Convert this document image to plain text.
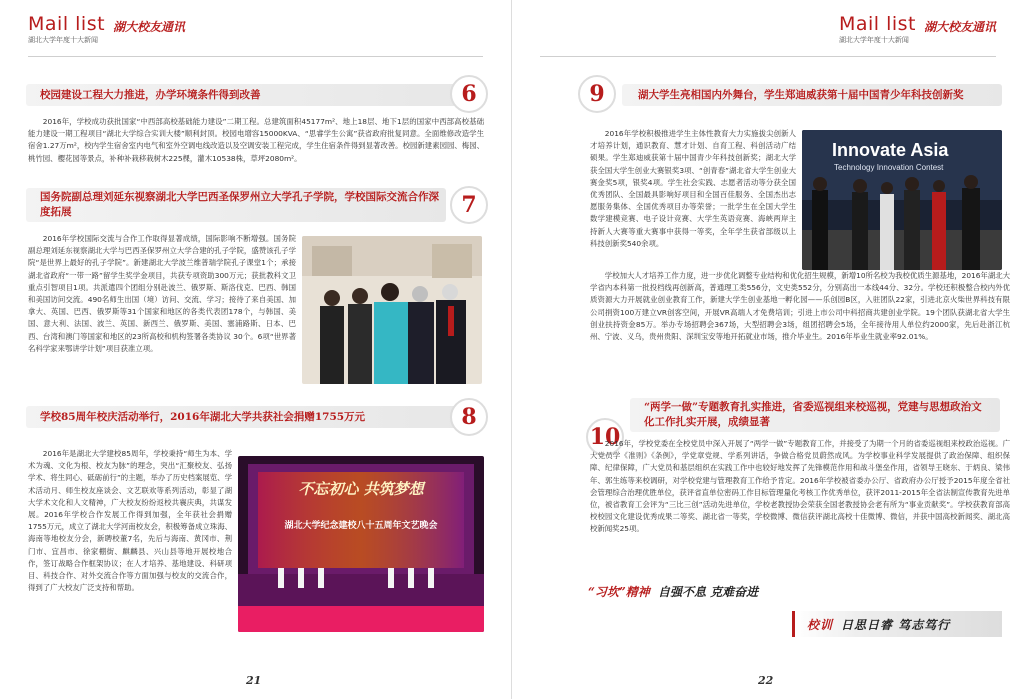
Mail list
湖北大学年度十大新闻
湖大校友通讯
校园建设工程大力推进，办学环境条件得到改善	6
2016年，学校成功获批国家“中西部高校基础能力建设”二期工程。总建筑面积45177m²、地上18层、地下1层的国家中西部高校基础能力建设一期工程项目“湖北大学综合实训大楼”顺利封顶。校园电增容15000KVA、“思睿学生公寓”获省政府批复同意。全面维修改造学生宿舍1.27万m²，校内学生宿舍室内电气和室外空调电线改造以及空调安装工程完成，学生住宿条件得到显著改善。校园新建素园园、梅园、桃竹园、樱花园等景点，补种补栽移栽树木225棵，灌木10538株，草坪2080m²。
国务院副总理刘延东视察湖北大学巴西圣保罗州立大学孔子学院，学校国际交流合作深度拓展	7
2016年学校国际交流与合作工作取得显著成绩，国际影响不断增强。国务院副总理刘延东视察湖北大学与巴西圣保罗州立大学合建的孔子学院，盛赞该孔子学院“是世界上最好的孔子学院”。新建湖北大学波兰维普瑞学院孔子课堂1个；承接湖北省政府“一带一路”留学生奖学金项目，共获专项资助300万元；获批教科文卫重点引智项目1项。共派遣四个团组分别赴波兰、俄罗斯、斯洛伐克、巴西、韩国和美国访问交流。490名师生出国（境）访问、交流、学习；接待了来自美国、加拿大、英国、巴西、俄罗斯等31个国家和地区的各类代表团178个，与韩国、美国、意大利、法国、波兰、英国、新西兰、俄罗斯、美国、塞浦路斯、日本、巴西、台湾和澳门等国家和地区的23所高校和机构签署各类协议 30个。6项“世界著名科学家来鄂讲学计划”项目获准立项。
学校85周年校庆活动举行，2016年湖北大学共获社会捐赠1755万元	8
2016年是湖北大学建校85周年，学校秉持“师生为本、学术为魂、文化为根、校友为脉”的理念，突出“汇聚校友、弘扬学术、将生同心、砥砺前行”的主题，举办了历史档案展览、学术活动月、师生校友座谈会、文艺联欢等系列活动，彰显了湖大学术文化和人文精神，广大校友纷纷返校共襄庆典，共谋发展。2016年学校合作发展工作得到加强，全年获社会捐赠1755万元，成立了湖北大学河南校友会，积极筹备成立珠海、海南等地校友分会，新聘校董7名，先后与海南、黄冈市、荆门市、宜昌市、徐家棚街、麒麟县、兴山县等地开展校地合作，签订战略合作框架协议；在人才培养、基地建设、科研项目、科技合作、对外交流合作等方面加强与校友的交流合作，得到了广大校友广泛支持和帮助。
不忘初心 共筑梦想
湖北大学纪念建校八十五周年文艺晚会
21
Mail list
湖北大学年度十大新闻
湖大校友通讯
9	湖大学生亮相国内外舞台，学生郑迪威获第十届中国青少年科技创新奖
2016年学校积极推进学生主体性教育大力实施拔尖创新人才培养计划，通识教育、慧才计划、自育工程、科创活动广结硕果。学生郑迪威获第十届中国青少年科技创新奖；湖北大学获全国大学生创业大赛银奖3项、“创青春”湖北省大学生创业大赛金奖5项，银奖4项。学生社会实践、志愿者活动等分获全国优秀团队、全国最具影响好项目和全国百佳服务、全国杰出志愿服务集体、全国优秀项目办等荣誉；一批学生在全国大学生数学建模竞赛、电子设计竞赛、大学生英语竞赛、海峡两岸主持新人大赛等重大赛事中获得一等奖，全年学生获省部级以上科技创新奖540余项。
Innovate Asia
Technology Innovation Contest
学校加大人才培养工作力度，进一步优化调整专业结构和优化招生规模，新增10所名校为我校优质生源基地，2016年湖北大学省内本科第一批投档线再创新高，普通理工类556分，文史类552分，分别高出一本线44分、32分。学校还积极整合校内外优质资源大力开展就业创业教育工作，新建大学生创业基地一孵化园——乐创园B区，入驻团队22家，引进北京火柴世界科技有限公司捐资100万建立VR创客空间，开展VR高端人才免费培训；引进上市公司中科招商共建创业学院。19个团队获湖北省大学生创业扶持资金85万。举办专场招聘会367场，大型招聘会3场，组团招聘会5场，全年接待用人单位约2000家，先后赴浙江杭州、宁波、义乌，贵州贵阳、深圳宝安等地开拓就业市场，推介毕业生。2016年毕业生就业率92.01%。
10
“两学一做”专题教育扎实推进，省委巡视组来校巡视，党建与思想政治文化工作扎实开展，成绩显著
2016年，学校党委在全校党员中深入开展了“两学一做”专题教育工作，并接受了为期一个月的省委巡视组来校政治巡视。广大党员学《准则》《条例》，学党章党规、学系列讲话，争做合格党员蔚然成风。为学校事业科学发展提供了政治保障、组织保障、纪律保障，广大党员和基层组织在实践工作中也较好地发挥了先锋模范作用和战斗堡垒作用，省领导王晓东、于炳良、梁伟年、郭生练等来校调研，对学校党建与管理教育工作给予肯定。2016年学校被省委办公厅、省政府办公厅授予2015年度全省社会管理综合治理优胜单位，获评省直单位密码工作目标管理量化考核工作优秀单位，获评2011-2015年全省法制宣传教育先进单位，被省教育工会评为“三比三创”活动先进单位，学校老教授协会荣获全国老教授协会老有所为“事业贡献奖”。学校获教育部高校校园文化建设优秀成果二等奖、湖北省一等奖，学校微博、微信获评湖北高校十佳微博、微信，并获中国高校新闻奖、湖北高校新闻奖25项。
“习坎”精神 自强不息 克难奋进
校训 日思日睿 笃志笃行
22
